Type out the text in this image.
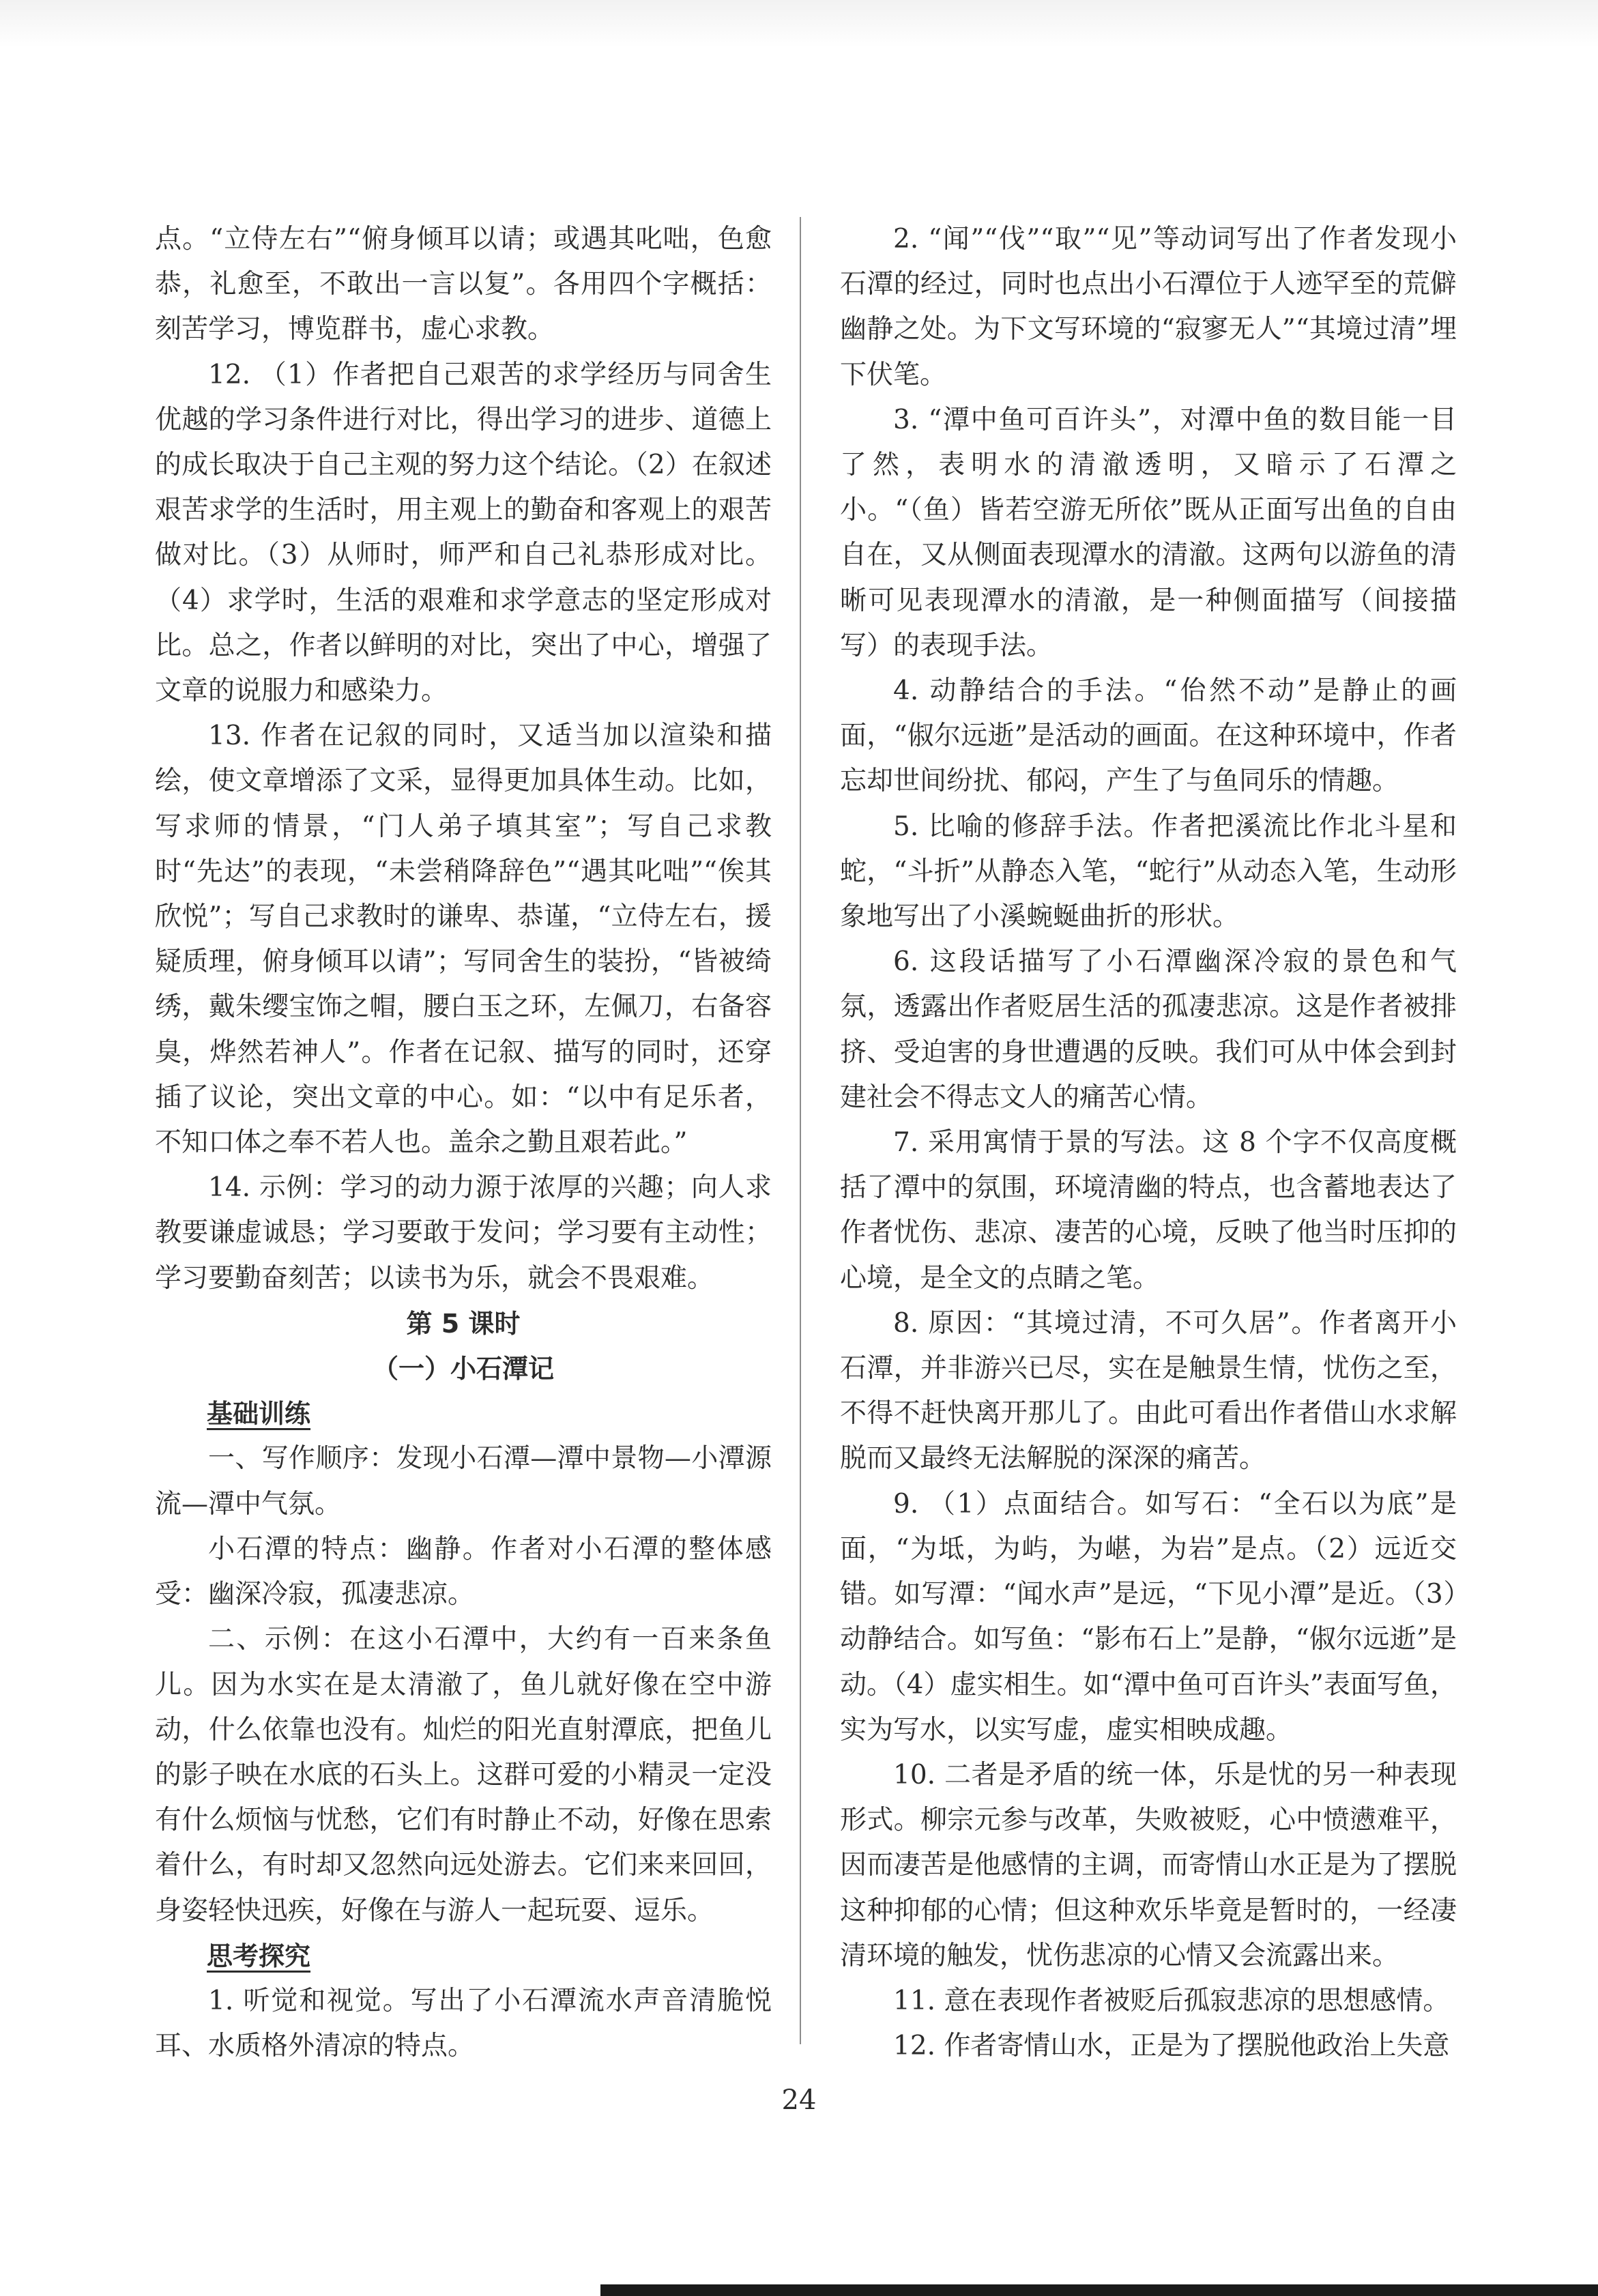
点。“立侍左右”“俯身倾耳以请；或遇其叱咄，色愈恭，礼愈至，不敢出一言以复”。各用四个字概括：刻苦学习，博览群书，虚心求教。

12. （1）作者把自己艰苦的求学经历与同舍生优越的学习条件进行对比，得出学习的进步、道德上的成长取决于自己主观的努力这个结论。（2）在叙述艰苦求学的生活时，用主观上的勤奋和客观上的艰苦做对比。（3）从师时，师严和自己礼恭形成对比。（4）求学时，生活的艰难和求学意志的坚定形成对比。总之，作者以鲜明的对比，突出了中心，增强了文章的说服力和感染力。

13. 作者在记叙的同时，又适当加以渲染和描绘，使文章增添了文采，显得更加具体生动。比如，写求师的情景，“门人弟子填其室”；写自己求教时“先达”的表现，“未尝稍降辞色”“遇其叱咄”“俟其欣悦”；写自己求教时的谦卑、恭谨，“立侍左右，援疑质理，俯身倾耳以请”；写同舍生的装扮，“皆被绮绣，戴朱缨宝饰之帽，腰白玉之环，左佩刀，右备容臭，烨然若神人”。作者在记叙、描写的同时，还穿插了议论，突出文章的中心。如：“以中有足乐者，不知口体之奉不若人也。盖余之勤且艰若此。”

14. 示例：学习的动力源于浓厚的兴趣；向人求教要谦虚诚恳；学习要敢于发问；学习要有主动性；学习要勤奋刻苦；以读书为乐，就会不畏艰难。

第 5 课时

（一）小石潭记

基础训练

一、写作顺序：发现小石潭—潭中景物—小潭源流—潭中气氛。

小石潭的特点：幽静。作者对小石潭的整体感受：幽深冷寂，孤凄悲凉。

二、示例：在这小石潭中，大约有一百来条鱼儿。因为水实在是太清澈了，鱼儿就好像在空中游动，什么依靠也没有。灿烂的阳光直射潭底，把鱼儿的影子映在水底的石头上。这群可爱的小精灵一定没有什么烦恼与忧愁，它们有时静止不动，好像在思索着什么，有时却又忽然向远处游去。它们来来回回，身姿轻快迅疾，好像在与游人一起玩耍、逗乐。

思考探究

1. 听觉和视觉。写出了小石潭流水声音清脆悦耳、水质格外清凉的特点。

2. “闻”“伐”“取”“见”等动词写出了作者发现小石潭的经过，同时也点出小石潭位于人迹罕至的荒僻幽静之处。为下文写环境的“寂寥无人”“其境过清”埋下伏笔。

3. “潭中鱼可百许头”，对潭中鱼的数目能一目了然，表明水的清澈透明，又暗示了石潭之小。“（鱼）皆若空游无所依”既从正面写出鱼的自由自在，又从侧面表现潭水的清澈。这两句以游鱼的清晰可见表现潭水的清澈，是一种侧面描写（间接描写）的表现手法。

4. 动静结合的手法。“佁然不动”是静止的画面，“俶尔远逝”是活动的画面。在这种环境中，作者忘却世间纷扰、郁闷，产生了与鱼同乐的情趣。

5. 比喻的修辞手法。作者把溪流比作北斗星和蛇，“斗折”从静态入笔，“蛇行”从动态入笔，生动形象地写出了小溪蜿蜒曲折的形状。

6. 这段话描写了小石潭幽深冷寂的景色和气氛，透露出作者贬居生活的孤凄悲凉。这是作者被排挤、受迫害的身世遭遇的反映。我们可从中体会到封建社会不得志文人的痛苦心情。

7. 采用寓情于景的写法。这 8 个字不仅高度概括了潭中的氛围，环境清幽的特点，也含蓄地表达了作者忧伤、悲凉、凄苦的心境，反映了他当时压抑的心境，是全文的点睛之笔。

8. 原因：“其境过清，不可久居”。作者离开小石潭，并非游兴已尽，实在是触景生情，忧伤之至，不得不赶快离开那儿了。由此可看出作者借山水求解脱而又最终无法解脱的深深的痛苦。

9. （1）点面结合。如写石：“全石以为底”是面，“为坻，为屿，为嵁，为岩”是点。（2）远近交错。如写潭：“闻水声”是远，“下见小潭”是近。（3）动静结合。如写鱼：“影布石上”是静，“俶尔远逝”是动。（4）虚实相生。如“潭中鱼可百许头”表面写鱼，实为写水，以实写虚，虚实相映成趣。

10. 二者是矛盾的统一体，乐是忧的另一种表现形式。柳宗元参与改革，失败被贬，心中愤懑难平，因而凄苦是他感情的主调，而寄情山水正是为了摆脱这种抑郁的心情；但这种欢乐毕竟是暂时的，一经凄清环境的触发，忧伤悲凉的心情又会流露出来。

11. 意在表现作者被贬后孤寂悲凉的思想感情。

12. 作者寄情山水，正是为了摆脱他政治上失意

24
